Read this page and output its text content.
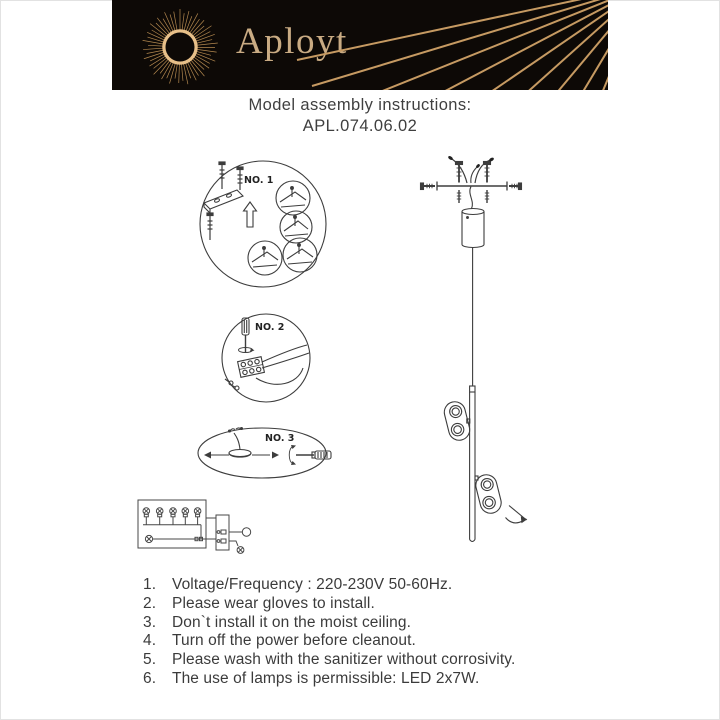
Aployt
Model assembly instructions:
APL.074.06.02
NO. 1
NO. 2
NO. 3
1.	Voltage/Frequency : 220-230V 50-60Hz.
2.	Please wear gloves to install.
3.	Don`t install it on the moist ceiling.
4.	Turn off the power before cleanout.
5.	Please wash with the sanitizer without corrosivity.
6.	The use of lamps is permissible: LED 2x7W.
